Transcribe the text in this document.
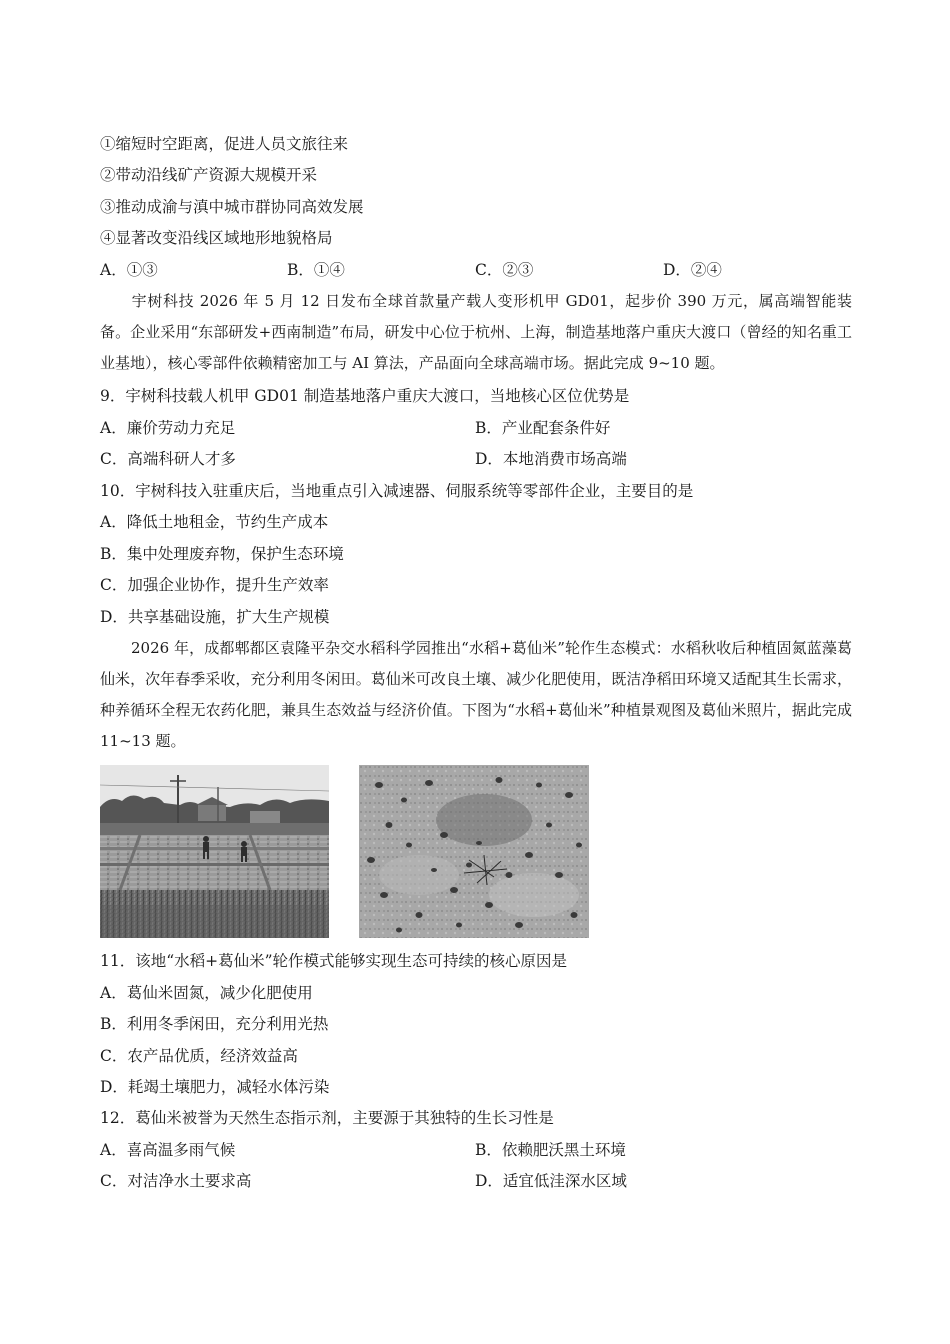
①缩短时空距离，促进人员文旅往来
②带动沿线矿产资源大规模开采
③推动成渝与滇中城市群协同高效发展
④显著改变沿线区域地形地貌格局
A．①③	B．①④	C．②③	D．②④
宇树科技 2026 年 5 月 12 日发布全球首款量产载人变形机甲 GD01，起步价 390 万元，属高端智能装备。企业采用“东部研发+西南制造”布局，研发中心位于杭州、上海，制造基地落户重庆大渡口（曾经的知名重工业基地），核心零部件依赖精密加工与 AI 算法，产品面向全球高端市场。据此完成 9~10 题。
9．宇树科技载人机甲 GD01 制造基地落户重庆大渡口，当地核心区位优势是
A．廉价劳动力充足	B．产业配套条件好
C．高端科研人才多	D．本地消费市场高端
10．宇树科技入驻重庆后，当地重点引入减速器、伺服系统等零部件企业，主要目的是
A．降低土地租金，节约生产成本
B．集中处理废弃物，保护生态环境
C．加强企业协作，提升生产效率
D．共享基础设施，扩大生产规模
2026 年，成都郫都区袁隆平杂交水稻科学园推出“水稻+葛仙米”轮作生态模式：水稻秋收后种植固氮蓝藻葛仙米，次年春季采收，充分利用冬闲田。葛仙米可改良土壤、减少化肥使用，既洁净稻田环境又适配其生长需求，种养循环全程无农药化肥，兼具生态效益与经济价值。下图为“水稻+葛仙米”种植景观图及葛仙米照片，据此完成 11~13 题。
11．该地“水稻+葛仙米”轮作模式能够实现生态可持续的核心原因是
A．葛仙米固氮，减少化肥使用
B．利用冬季闲田，充分利用光热
C．农产品优质，经济效益高
D．耗竭土壤肥力，减轻水体污染
12．葛仙米被誉为天然生态指示剂，主要源于其独特的生长习性是
A．喜高温多雨气候	B．依赖肥沃黑土环境
C．对洁净水土要求高	D．适宜低洼深水区域
